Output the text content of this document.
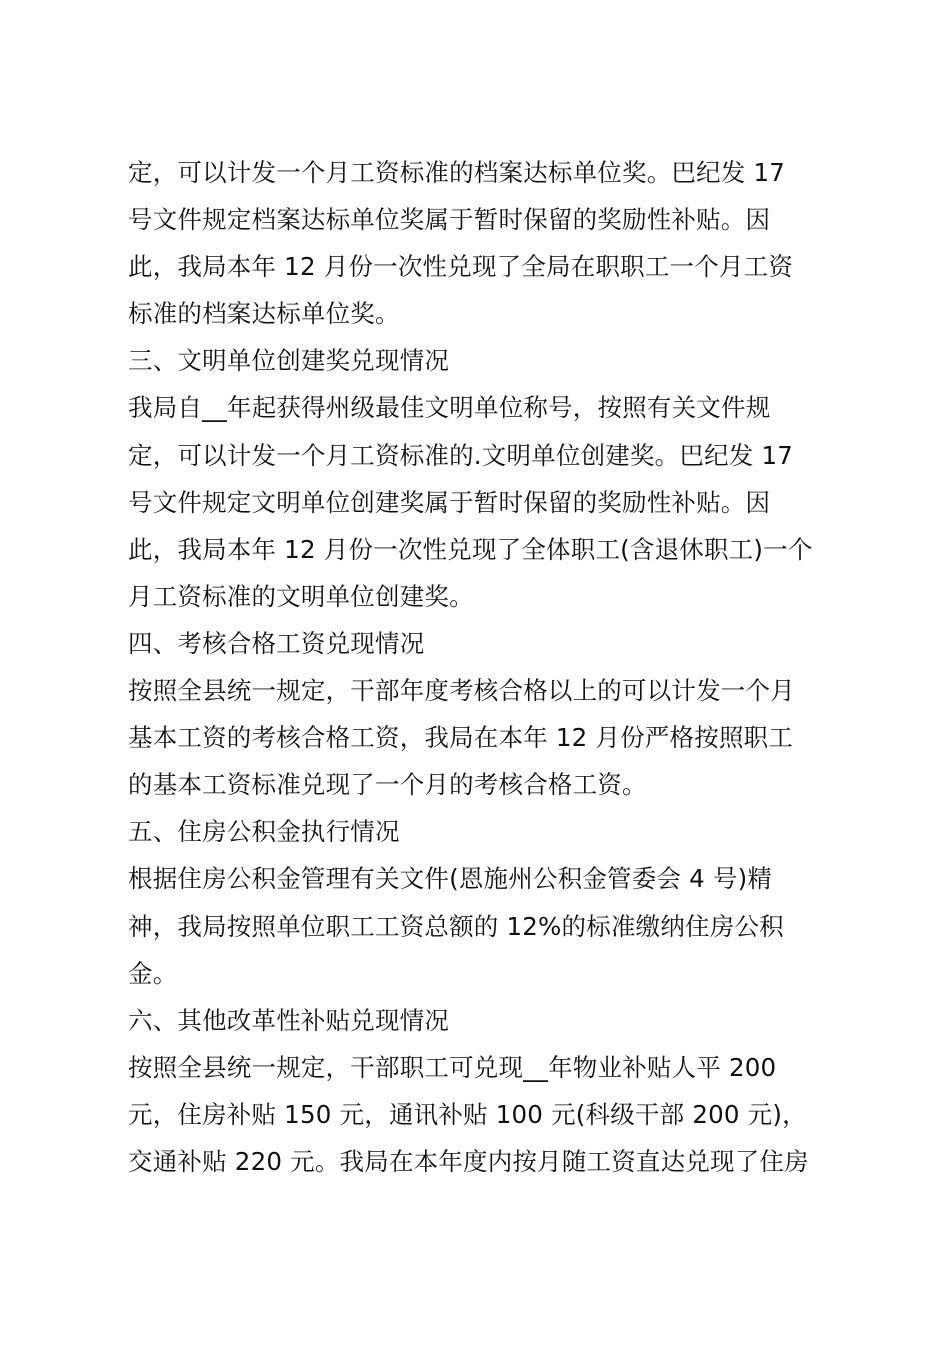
定，可以计发一个月工资标准的档案达标单位奖。巴纪发 17
号文件规定档案达标单位奖属于暂时保留的奖励性补贴。因
此，我局本年 12 月份一次性兑现了全局在职职工一个月工资
标准的档案达标单位奖。
三、文明单位创建奖兑现情况
我局自__年起获得州级最佳文明单位称号，按照有关文件规
定，可以计发一个月工资标准的.文明单位创建奖。巴纪发 17
号文件规定文明单位创建奖属于暂时保留的奖励性补贴。因
此，我局本年 12 月份一次性兑现了全体职工(含退休职工)一个
月工资标准的文明单位创建奖。
四、考核合格工资兑现情况
按照全县统一规定，干部年度考核合格以上的可以计发一个月
基本工资的考核合格工资，我局在本年 12 月份严格按照职工
的基本工资标准兑现了一个月的考核合格工资。
五、住房公积金执行情况
根据住房公积金管理有关文件(恩施州公积金管委会 4 号)精
神，我局按照单位职工工资总额的 12%的标准缴纳住房公积
金。
六、其他改革性补贴兑现情况
按照全县统一规定，干部职工可兑现__年物业补贴人平 200
元，住房补贴 150 元，通讯补贴 100 元(科级干部 200 元)，
交通补贴 220 元。我局在本年度内按月随工资直达兑现了住房
